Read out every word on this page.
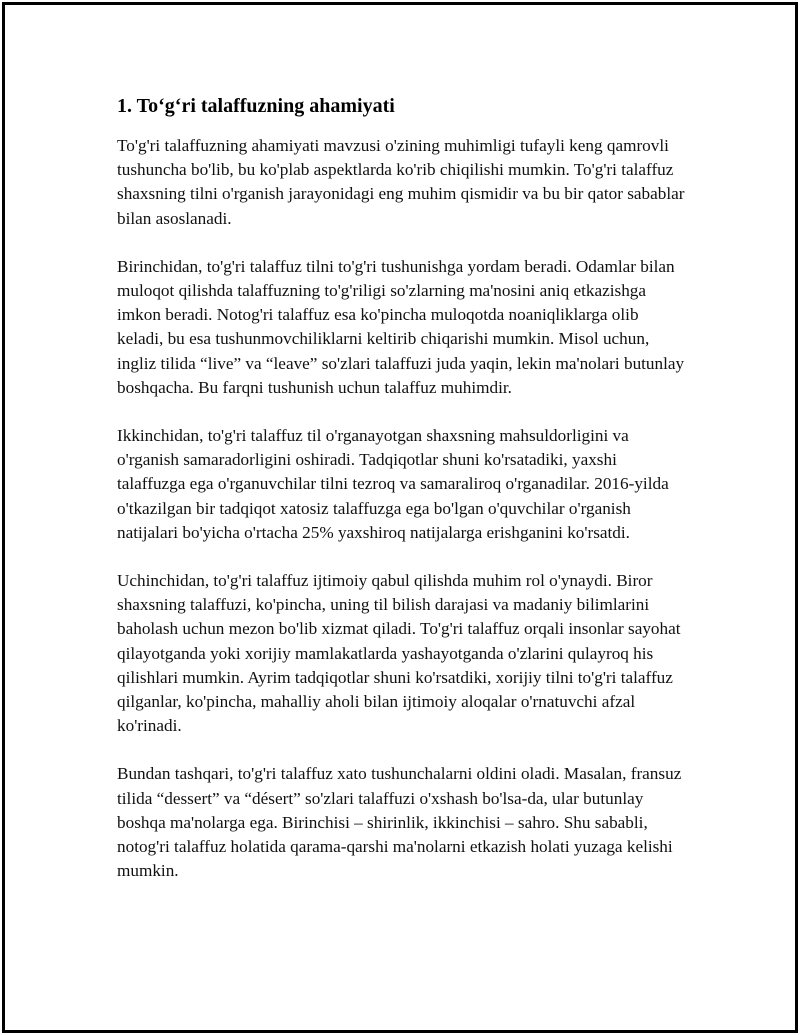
1. To‘g‘ri talaffuzning ahamiyati

To'g'ri talaffuzning ahamiyati mavzusi o'zining muhimligi tufayli keng qamrovli tushuncha bo'lib, bu ko'plab aspektlarda ko'rib chiqilishi mumkin. To'g'ri talaffuz shaxsning tilni o'rganish jarayonidagi eng muhim qismidir va bu bir qator sabablar bilan asoslanadi.

Birinchidan, to'g'ri talaffuz tilni to'g'ri tushunishga yordam beradi. Odamlar bilan muloqot qilishda talaffuzning to'g'riligi so'zlarning ma'nosini aniq etkazishga imkon beradi. Notog'ri talaffuz esa ko'pincha muloqotda noaniqliklarga olib keladi, bu esa tushunmovchiliklarni keltirib chiqarishi mumkin. Misol uchun, ingliz tilida “live” va “leave” so'zlari talaffuzi juda yaqin, lekin ma'nolari butunlay boshqacha. Bu farqni tushunish uchun talaffuz muhimdir.

Ikkinchidan, to'g'ri talaffuz til o'rganayotgan shaxsning mahsuldorligini va o'rganish samaradorligini oshiradi. Tadqiqotlar shuni ko'rsatadiki, yaxshi talaffuzga ega o'rganuvchilar tilni tezroq va samaraliroq o'rganadilar. 2016-yilda o'tkazilgan bir tadqiqot xatosiz talaffuzga ega bo'lgan o'quvchilar o'rganish natijalari bo'yicha o'rtacha 25% yaxshiroq natijalarga erishganini ko'rsatdi.

Uchinchidan, to'g'ri talaffuz ijtimoiy qabul qilishda muhim rol o'ynaydi. Biror shaxsning talaffuzi, ko'pincha, uning til bilish darajasi va madaniy bilimlarini baholash uchun mezon bo'lib xizmat qiladi. To'g'ri talaffuz orqali insonlar sayohat qilayotganda yoki xorijiy mamlakatlarda yashayotganda o'zlarini qulayroq his qilishlari mumkin. Ayrim tadqiqotlar shuni ko'rsatdiki, xorijiy tilni to'g'ri talaffuz qilganlar, ko'pincha, mahalliy aholi bilan ijtimoiy aloqalar o'rnatuvchi afzal ko'rinadi.

Bundan tashqari, to'g'ri talaffuz xato tushunchalarni oldini oladi. Masalan, fransuz tilida “dessert” va “désert” so'zlari talaffuzi o'xshash bo'lsa-da, ular butunlay boshqa ma'nolarga ega. Birinchisi – shirinlik, ikkinchisi – sahro. Shu sababli, notog'ri talaffuz holatida qarama-qarshi ma'nolarni etkazish holati yuzaga kelishi mumkin.
